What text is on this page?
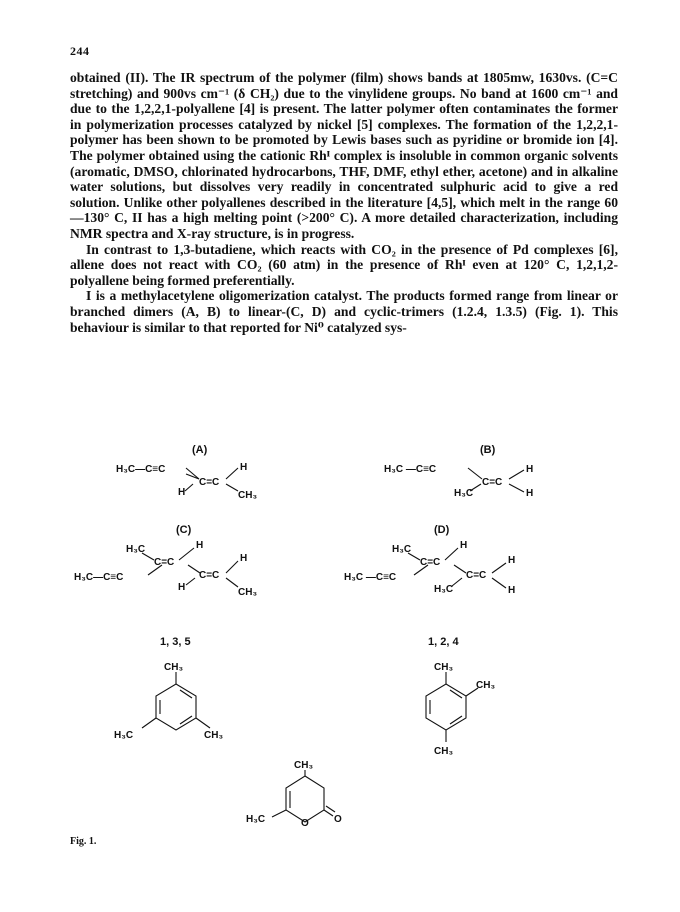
244

obtained (II). The IR spectrum of the polymer (film) shows bands at 1805mw, 1630vs. (C=C stretching) and 900vs cm⁻¹ (δ CH₂) due to the vinylidene groups. No band at 1600 cm⁻¹ and due to the 1,2,2,1-polyallene [4] is present. The latter polymer often contaminates the former in polymerization processes catalyzed by nickel [5] complexes. The formation of the 1,2,2,1-polymer has been shown to be promoted by Lewis bases such as pyridine or bromide ion [4]. The polymer obtained using the cationic Rhᴵ complex is insoluble in common organic solvents (aromatic, DMSO, chlorinated hydrocarbons, THF, DMF, ethyl ether, acetone) and in alkaline water solutions, but dissolves very readily in concentrated sulphuric acid to give a red solution. Unlike other polyallenes described in the literature [4,5], which melt in the range 60—130° C, II has a high melting point (>200° C). A more detailed characterization, including NMR spectra and X-ray structure, is in progress.

In contrast to 1,3-butadiene, which reacts with CO₂ in the presence of Pd complexes [6], allene does not react with CO₂ (60 atm) in the presence of Rhᴵ even at 120° C, 1,2,1,2-polyallene being formed preferentially.

I is a methylacetylene oligomerization catalyst. The products formed range from linear or branched dimers (A, B) to linear-(C, D) and cyclic-trimers (1.2.4, 1.3.5) (Fig. 1). This behaviour is similar to that reported for Ni⁰ catalyzed sys-

(A)	(B)
(C)	(D)
1, 3, 5	1, 2, 4
H₃C—C≡C
C=C
H
H	CH₃
H₃C —C≡C
C=C
H
H₃C	H
H₃C
C=C
H
H₃C—C≡C	C=C
H
H	CH₃
H₃C
C=C
H
H₃C —C≡C	C=C
H
H₃C	H
CH₃
H₃C	CH₃
CH₃
CH₃
CH₃
CH₃
H₃C	O	O
Fig. 1.
